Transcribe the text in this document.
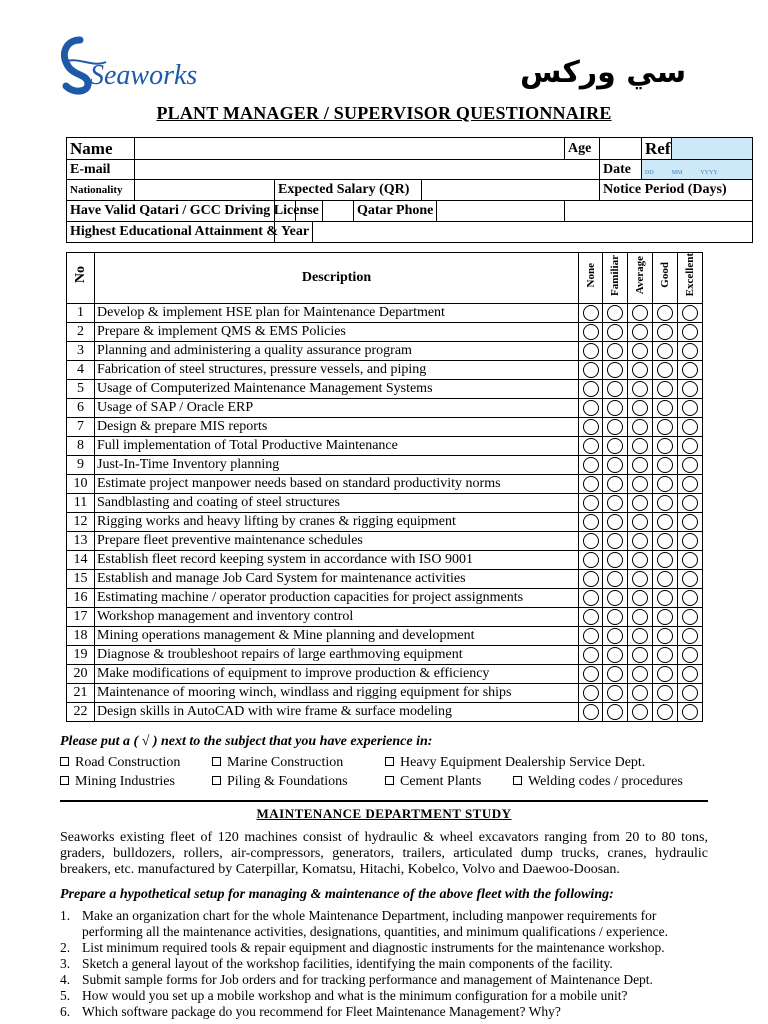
Seaworks	سي وركس
PLANT MANAGER / SUPERVISOR QUESTIONNAIRE
Name			Age		Ref	
E-mail				Date	DD MM YYYY	
Nationality		Expected Salary (QR)		Notice Period (Days)		

Have Valid Qatari / GCC Driving License		Qatar Phone				

Highest Educational Attainment & Year						

No	Description	None	Familiar	Average	Good	Excellent
1	Develop & implement HSE plan for Maintenance Department					
2	Prepare & implement QMS & EMS Policies					
3	Planning and administering a quality assurance program					
4	Fabrication of steel structures, pressure vessels, and piping					
5	Usage of Computerized Maintenance Management Systems					
6	Usage of SAP / Oracle ERP					
7	Design & prepare MIS reports					
8	Full implementation of Total Productive Maintenance					
9	Just-In-Time Inventory planning					
10	Estimate project manpower needs based on standard productivity norms					
11	Sandblasting and coating of steel structures					
12	Rigging works and heavy lifting by cranes & rigging equipment					
13	Prepare fleet preventive maintenance schedules					
14	Establish fleet record keeping system in accordance with ISO 9001					
15	Establish and manage Job Card System for maintenance activities					
16	Estimating machine / operator production capacities for project assignments					
17	Workshop management and inventory control					
18	Mining operations management & Mine planning and development					
19	Diagnose & troubleshoot repairs of large earthmoving equipment					
20	Make modifications of equipment to improve production & efficiency					
21	Maintenance of mooring winch, windlass and rigging equipment for ships					
22	Design skills in AutoCAD with wire frame & surface modeling					
Please put a ( √ ) next to the subject that you have experience in:
Road Construction	Marine Construction	Heavy Equipment Dealership Service Dept.
Mining Industries	Piling & Foundations	Cement Plants	Welding codes / procedures
MAINTENANCE DEPARTMENT STUDY
Seaworks existing fleet of 120 machines consist of hydraulic & wheel excavators ranging from 20 to 80 tons, graders, bulldozers, rollers, air-compressors, generators, trailers, articulated dump trucks, cranes, hydraulic breakers, etc. manufactured by Caterpillar, Komatsu, Hitachi, Kobelco, Volvo and Daewoo-Doosan.
Prepare a hypothetical setup for managing & maintenance of the above fleet with the following:
1. Make an organization chart for the whole Maintenance Department, including manpower requirements for performing all the maintenance activities, designations, quantities, and minimum qualifications / experience.
2. List minimum required tools & repair equipment and diagnostic instruments for the maintenance workshop.
3. Sketch a general layout of the workshop facilities, identifying the main components of the facility.
4. Submit sample forms for Job orders and for tracking performance and management of Maintenance Dept.
5. How would you set up a mobile workshop and what is the minimum configuration for a mobile unit?
6. Which software package do you recommend for Fleet Maintenance Management? Why?
